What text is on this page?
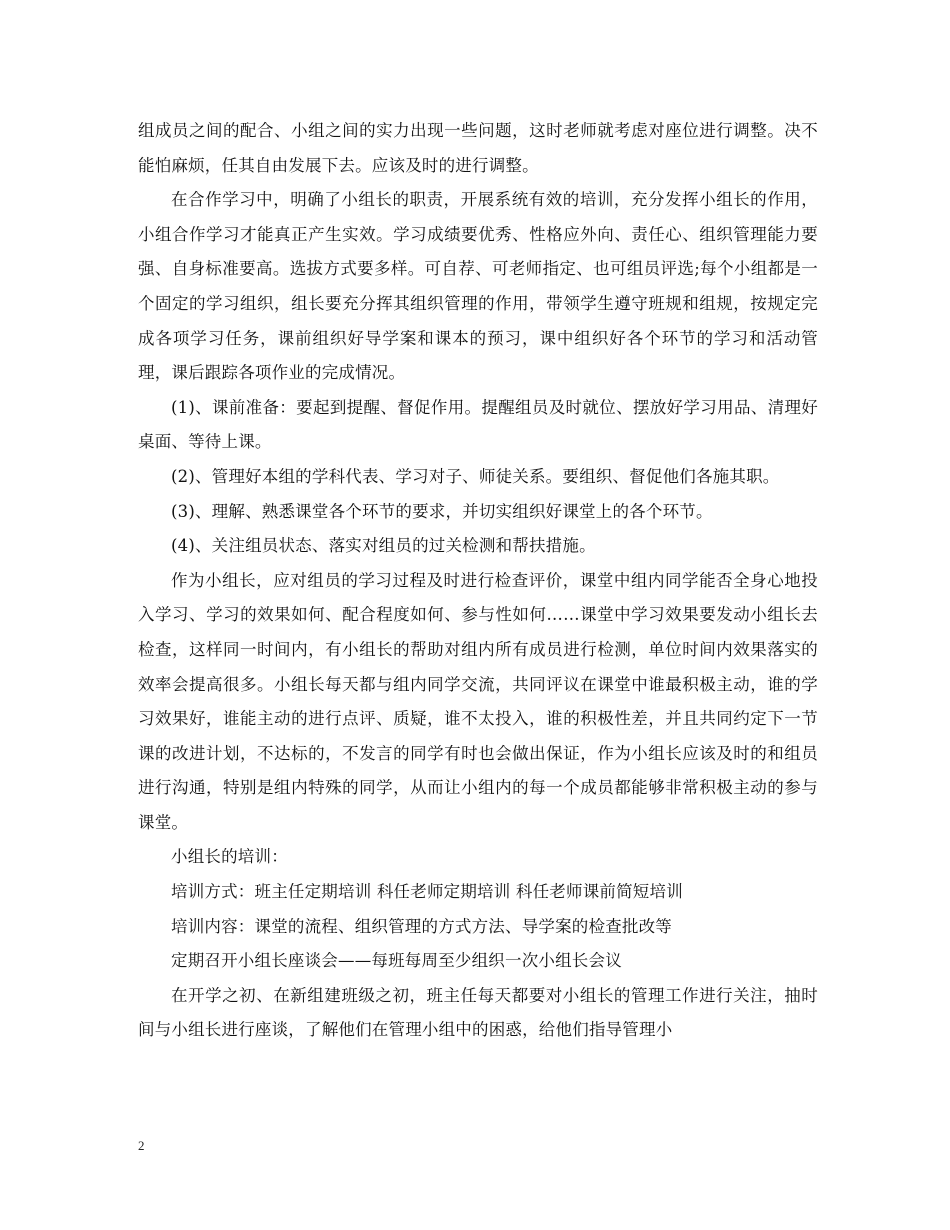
组成员之间的配合、小组之间的实力出现一些问题，这时老师就考虑对座位进行调整。决不能怕麻烦，任其自由发展下去。应该及时的进行调整。

在合作学习中，明确了小组长的职责，开展系统有效的培训，充分发挥小组长的作用，小组合作学习才能真正产生实效。学习成绩要优秀、性格应外向、责任心、组织管理能力要强、自身标准要高。选拔方式要多样。可自荐、可老师指定、也可组员评选;每个小组都是一个固定的学习组织，组长要充分挥其组织管理的作用，带领学生遵守班规和组规，按规定完成各项学习任务，课前组织好导学案和课本的预习，课中组织好各个环节的学习和活动管理，课后跟踪各项作业的完成情况。

(1)、课前准备：要起到提醒、督促作用。提醒组员及时就位、摆放好学习用品、清理好桌面、等待上课。

(2)、管理好本组的学科代表、学习对子、师徒关系。要组织、督促他们各施其职。

(3)、理解、熟悉课堂各个环节的要求，并切实组织好课堂上的各个环节。

(4)、关注组员状态、落实对组员的过关检测和帮扶措施。

作为小组长，应对组员的学习过程及时进行检查评价，课堂中组内同学能否全身心地投入学习、学习的效果如何、配合程度如何、参与性如何……课堂中学习效果要发动小组长去检查，这样同一时间内，有小组长的帮助对组内所有成员进行检测，单位时间内效果落实的效率会提高很多。小组长每天都与组内同学交流，共同评议在课堂中谁最积极主动，谁的学习效果好，谁能主动的进行点评、质疑，谁不太投入，谁的积极性差，并且共同约定下一节课的改进计划，不达标的，不发言的同学有时也会做出保证，作为小组长应该及时的和组员进行沟通，特别是组内特殊的同学，从而让小组内的每一个成员都能够非常积极主动的参与课堂。

小组长的培训：

培训方式：班主任定期培训 科任老师定期培训 科任老师课前简短培训

培训内容：课堂的流程、组织管理的方式方法、导学案的检查批改等

定期召开小组长座谈会——每班每周至少组织一次小组长会议

在开学之初、在新组建班级之初，班主任每天都要对小组长的管理工作进行关注，抽时间与小组长进行座谈，了解他们在管理小组中的困惑，给他们指导管理小

2
